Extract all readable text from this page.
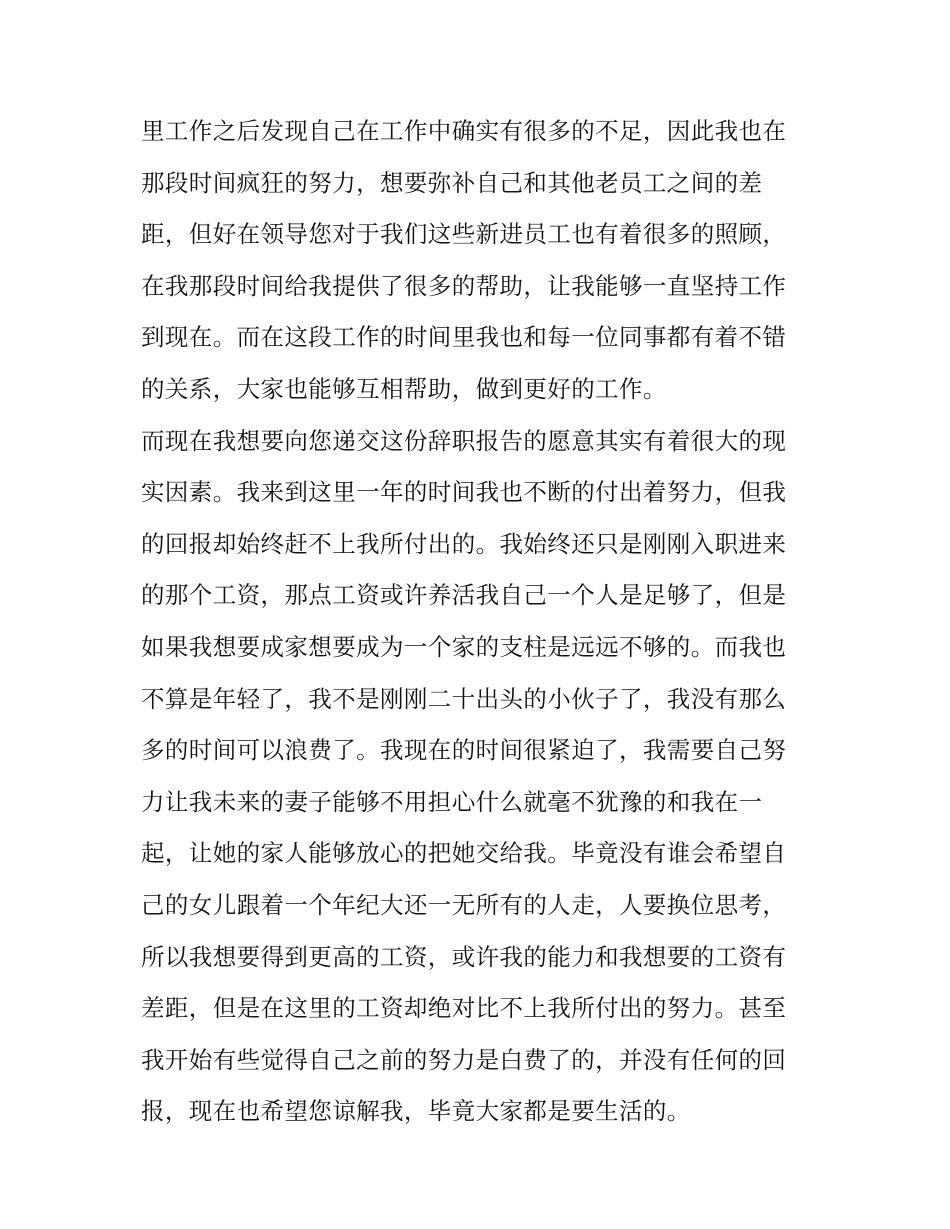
里工作之后发现自己在工作中确实有很多的不足，因此我也在
那段时间疯狂的努力，想要弥补自己和其他老员工之间的差
距，但好在领导您对于我们这些新进员工也有着很多的照顾，
在我那段时间给我提供了很多的帮助，让我能够一直坚持工作
到现在。而在这段工作的时间里我也和每一位同事都有着不错
的关系，大家也能够互相帮助，做到更好的工作。
而现在我想要向您递交这份辞职报告的愿意其实有着很大的现
实因素。我来到这里一年的时间我也不断的付出着努力，但我
的回报却始终赶不上我所付出的。我始终还只是刚刚入职进来
的那个工资，那点工资或许养活我自己一个人是足够了，但是
如果我想要成家想要成为一个家的支柱是远远不够的。而我也
不算是年轻了，我不是刚刚二十出头的小伙子了，我没有那么
多的时间可以浪费了。我现在的时间很紧迫了，我需要自己努
力让我未来的妻子能够不用担心什么就毫不犹豫的和我在一
起，让她的家人能够放心的把她交给我。毕竟没有谁会希望自
己的女儿跟着一个年纪大还一无所有的人走，人要换位思考，
所以我想要得到更高的工资，或许我的能力和我想要的工资有
差距，但是在这里的工资却绝对比不上我所付出的努力。甚至
我开始有些觉得自己之前的努力是白费了的，并没有任何的回
报，现在也希望您谅解我，毕竟大家都是要生活的。
